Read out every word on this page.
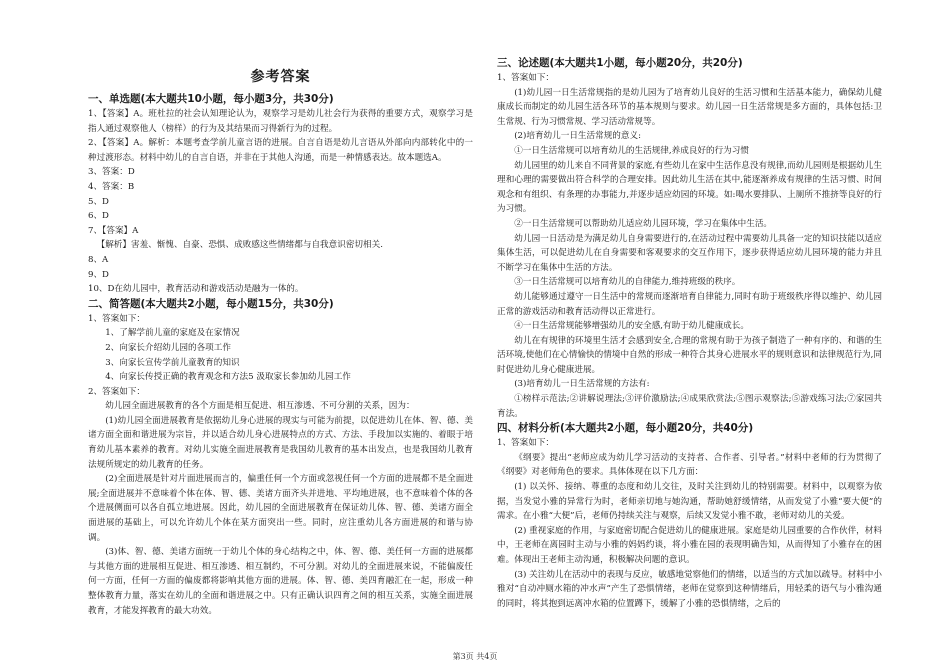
参考答案

一、单选题(本大题共10小题，每小题3分，共30分)

1、【答案】A。班杜拉的社会认知理论认为，观察学习是幼儿社会行为获得的重要方式，观察学习是指人通过观察他人（榜样）的行为及其结果而习得新行为的过程。

2、【答案】A。解析：本题考查学前儿童言语的进展。自言自语是幼儿言语从外部向内部转化中的一种过渡形态。材料中幼儿的自言自语，并非在于其他人沟通，而是一种情感表达。故本题选A。

3、答案：D

4、答案：B

5、D

6、D

7、【答案】A

【解析】害羞、惭愧、自豪、恐惧、成败感这些情绪都与自我意识密切相关.

8、A

9、D

10、D在幼儿园中，教育活动和游戏活动是融为一体的。

二、简答题(本大题共2小题，每小题15分，共30分)

1、答案如下：

1、了解学前儿童的家庭及在家情况

2、向家长介绍幼儿园的各项工作

3、向家长宣传学前儿童教育的知识

4、向家长传授正确的教育观念和方法5 汲取家长参加幼儿园工作

2、答案如下：

幼儿园全面进展教育的各个方面是相互促进、相互渗透、不可分割的关系，因为：

(1)幼儿园全面进展教育是依据幼儿身心进展的现实与可能为前提，以促进幼儿在体、智、德、美诸方面全面和谐进展为宗旨，并以适合幼儿身心进展特点的方式、方法、手段加以实施的、着眼于培育幼儿基本素养的教育。对幼儿实施全面进展教育是我国幼儿教育的基本出发点，也是我国幼儿教育法规所规定的幼儿教育的任务。

(2)全面进展是针对片面进展而言的，偏重任何一个方面或忽视任何一个方面的进展都不是全面进展;全面进展并不意味着个体在体、智、德、美诸方面齐头并进地、平均地进展，也不意味着个体的各个进展侧面可以各自孤立地进展。因此，幼儿园的全面进展教育在保证幼儿体、智、德、美诸方面全面进展的基础上，可以允许幼儿个体在某方面突出一些。同时，应注重幼儿各方面进展的和谐与协调。

(3)体、智、德、美诸方面统一于幼儿个体的身心结构之中，体、智、德、美任何一方面的进展都与其他方面的进展相互促进、相互渗透、相互制约，不可分割。对幼儿的全面进展来说，不能偏废任何一方面，任何一方面的偏废都将影响其他方面的进展。体、智、德、美四育融汇在一起，形成一种整体教育力量，落实在幼儿的全面和谐进展之中。只有正确认识四育之间的相互关系，实施全面进展教育，才能发挥教育的最大功效。

三、论述题(本大题共1小题，每小题20分，共20分)

1、答案如下：

(1)幼儿园一日生活常规指的是幼儿园为了培育幼儿良好的生活习惯和生活基本能力，确保幼儿健康成长而制定的幼儿园生活各环节的基本规则与要求。幼儿园一日生活常规是多方面的，具体包括:卫生常规、行为习惯常规、学习活动常规等。

(2)培育幼儿一日生活常规的意义:

①一日生活常规可以培育幼儿的生活规律,养成良好的行为习惯

幼儿园里的幼儿来自不同背景的家庭,有些幼儿在家中生活作息没有规律,而幼儿园则是根据幼儿生理和心理的需要做出符合科学的合理安排。因此幼儿生活在其中,能逐渐养成有规律的生活习惯、时间观念和有组织、有条理的办事能力,并逐步适应幼园的环境。如:喝水要排队、上厕所不推挤等良好的行为习惯。

②一日生活常规可以帮助幼儿适应幼儿园环境，学习在集体中生活。

幼儿园一日活动是为满足幼儿自身需要进行的,在活动过程中需要幼儿具备一定的知识技能以适应集体生活，可以促进幼儿在自身需要和客观要求的交互作用下，逐步获得适应幼儿园环境的能力并且不断学习在集体中生活的方法。

③一日生活常规可以培育幼儿的自律能力,维持班级的秩序。

幼儿能够通过遵守一日生活中的常规而逐渐培育自律能力,同时有助于班级秩序得以维护、幼儿园正常的游戏活动和教育活动得以正常进行。

④一日生活常规能够增强幼儿的安全感,有助于幼儿健康成长。

幼儿在有规律的环境里生活才会感到安全,合理的常规有助于为孩子制造了一种有序的、和谐的生活环境,使他们在心情愉快的情境中自然的形成一种符合其身心进展水平的规则意识和法律规范行为,同时促进幼儿身心健康进展。

(3)培育幼儿一日生活常规的方法有:

①榜样示范法;②讲解说理法;③评价激励法;④成果欣赏法;⑤图示观察法;⑤游戏练习法;⑦家园共育法。

四、材料分析(本大题共2小题，每小题20分，共40分)

1、答案如下：

《纲要》提出“老师应成为幼儿学习活动的支持者、合作者、引导者。”材料中老师的行为贯彻了《纲要》对老师角色的要求。具体体现在以下几方面：

(1) 以关怀、接纳、尊重的态度和幼儿交往，及时关注到幼儿的特别需要。材料中，以观察为依据，当发觉小雅的异常行为时，老师亲切地与她沟通，帮助她舒缓情绪，从而发觉了小雅“要大便”的需求。在小雅“大便”后，老师仍持续关注与观察，后续又发觉小雅不敢，老师对幼儿的关爱。

(2) 重视家庭的作用，与家庭密切配合促进幼儿的健康进展。家庭是幼儿园重要的合作伙伴，材料中，王老师在离园时主动与小雅的妈妈约谈，将小雅在园的表现明确告知，从而得知了小雅存在的困难。体现出王老师主动沟通，积极解决问题的意识。

(3) 关注幼儿在活动中的表现与反应，敏感地觉察他们的情绪，以适当的方式加以疏导。材料中小雅对“自动冲厕水箱的冲水声”产生了恐惧情绪，老师在觉察到这种情绪后，用轻柔的语气与小雅沟通的同时，将其抱到远离冲水箱的位置蹲下，缓解了小雅的恐惧情绪，之后的

第3页 共4页
